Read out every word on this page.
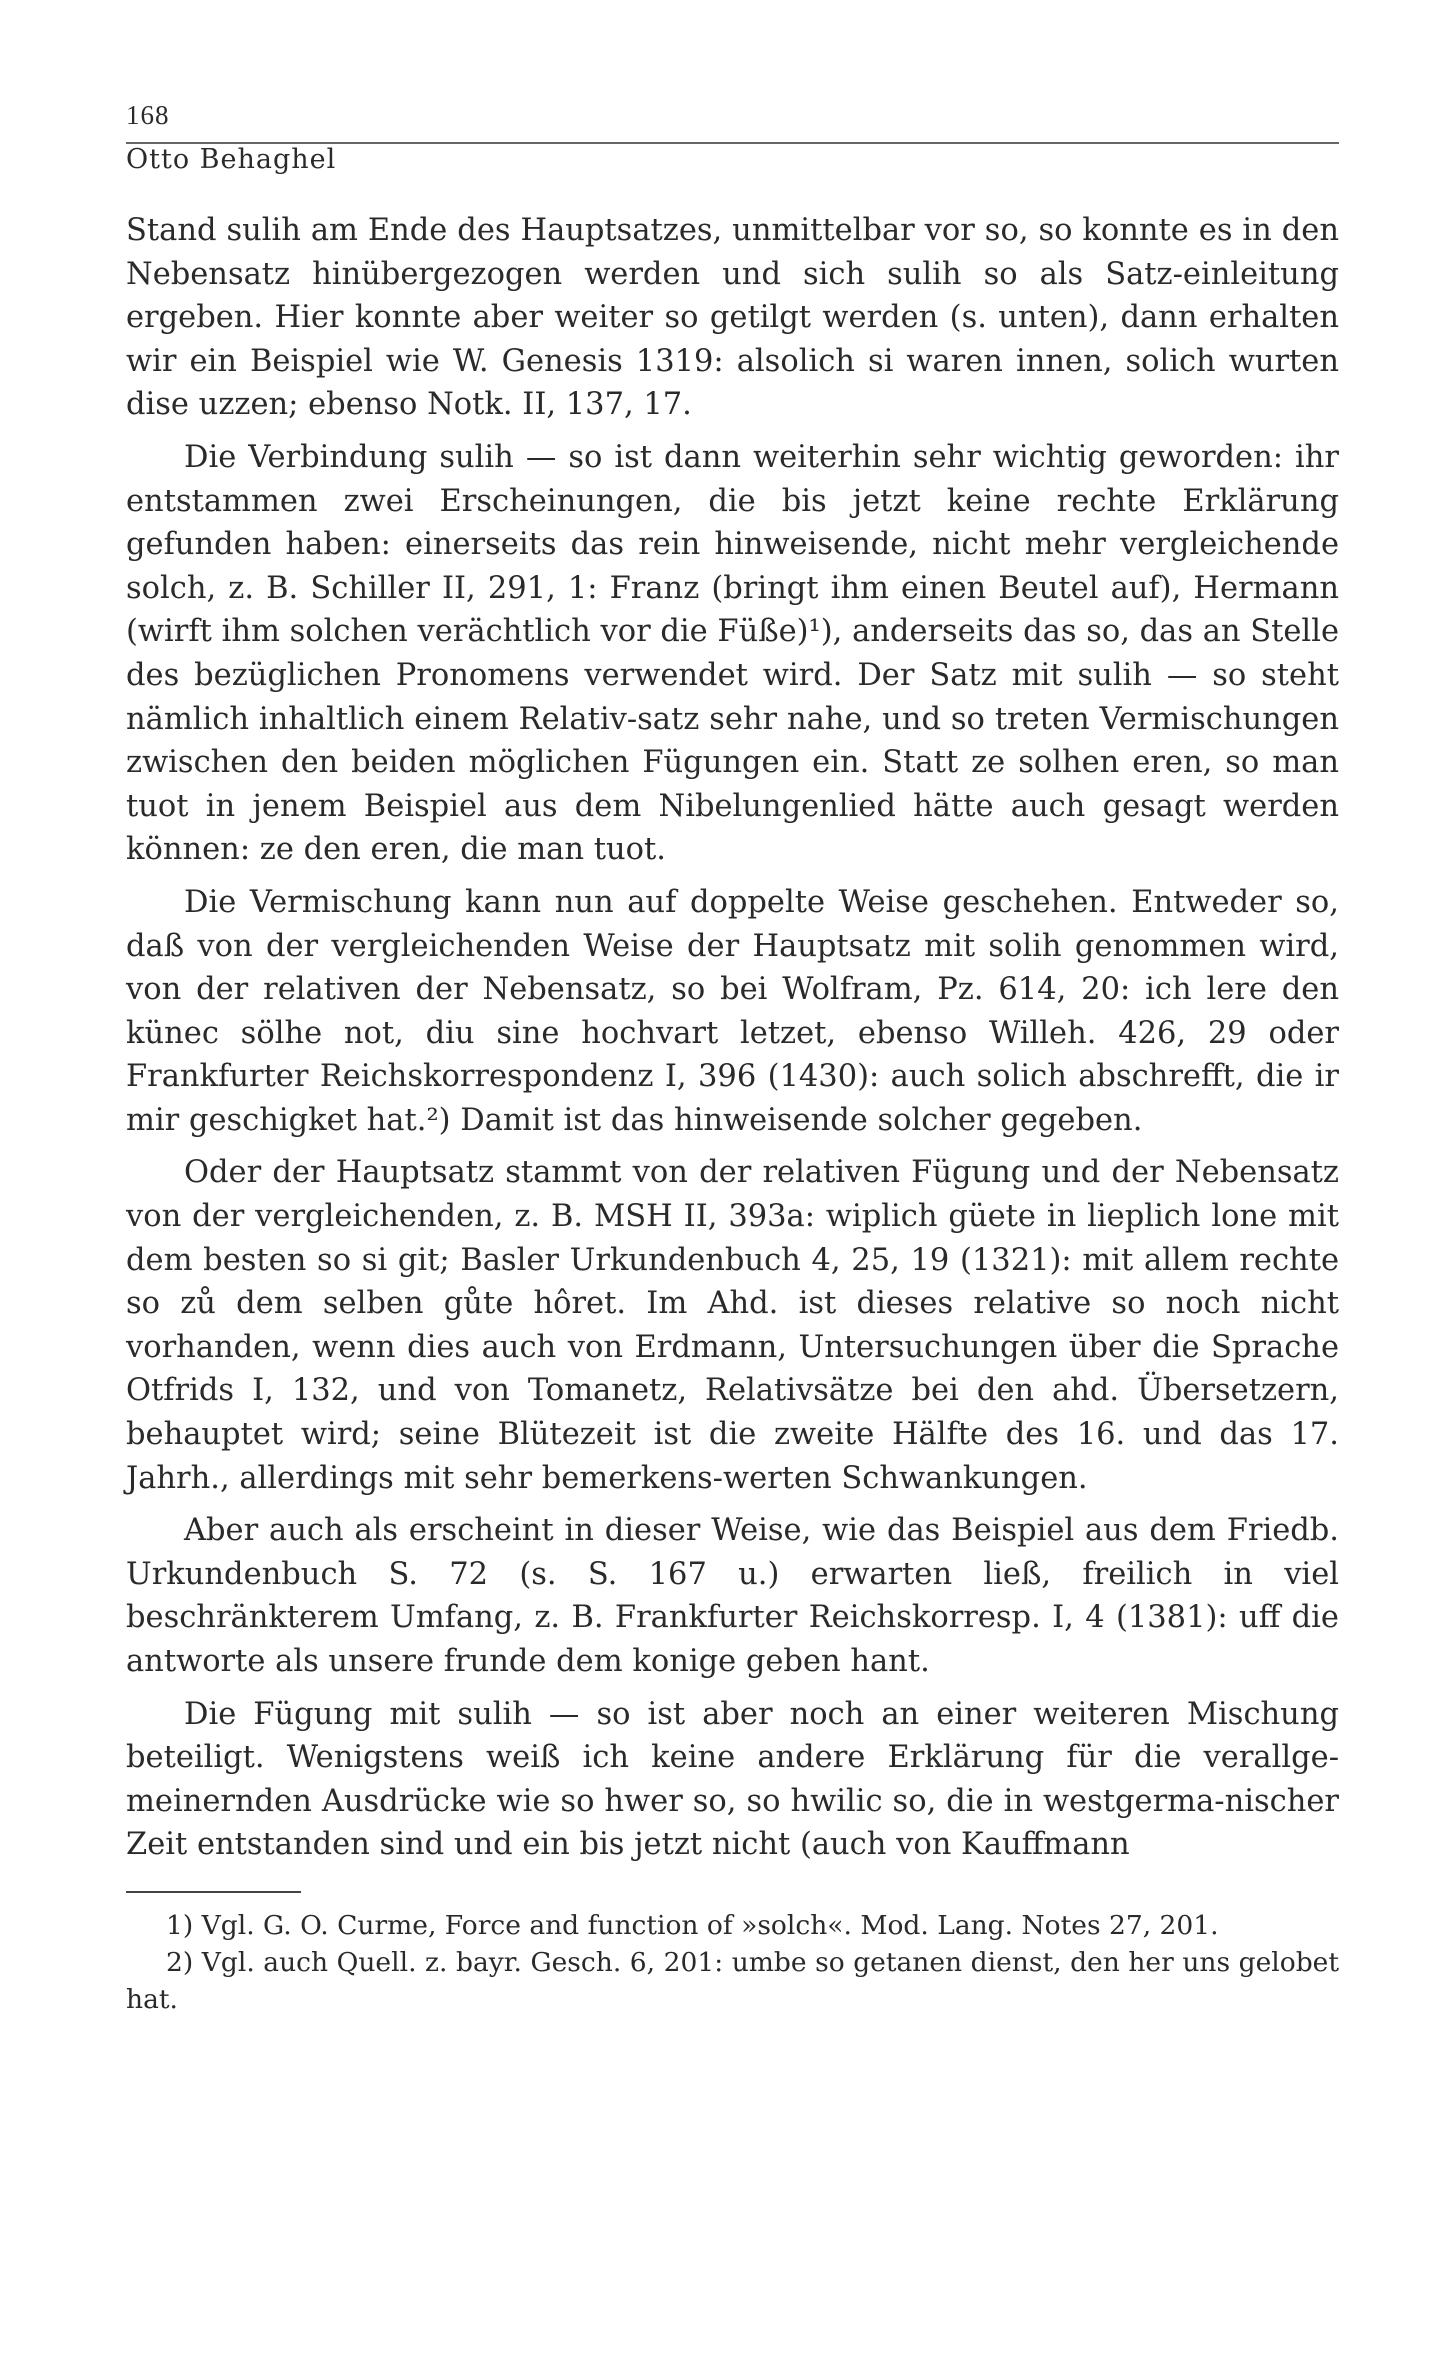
168
Otto Behaghel

Stand sulih am Ende des Hauptsatzes, unmittelbar vor so, so konnte es in den Nebensatz hinübergezogen werden und sich sulih so als Satz-einleitung ergeben. Hier konnte aber weiter so getilgt werden (s. unten), dann erhalten wir ein Beispiel wie W. Genesis 1319: alsolich si waren innen, solich wurten dise uzzen; ebenso Notk. II, 137, 17.

Die Verbindung sulih — so ist dann weiterhin sehr wichtig geworden: ihr entstammen zwei Erscheinungen, die bis jetzt keine rechte Erklärung gefunden haben: einerseits das rein hinweisende, nicht mehr vergleichende solch, z. B. Schiller II, 291, 1: Franz (bringt ihm einen Beutel auf), Hermann (wirft ihm solchen verächtlich vor die Füße)¹), anderseits das so, das an Stelle des bezüglichen Pronomens verwendet wird. Der Satz mit sulih — so steht nämlich inhaltlich einem Relativ-satz sehr nahe, und so treten Vermischungen zwischen den beiden möglichen Fügungen ein. Statt ze solhen eren, so man tuot in jenem Beispiel aus dem Nibelungenlied hätte auch gesagt werden können: ze den eren, die man tuot.

Die Vermischung kann nun auf doppelte Weise geschehen. Entweder so, daß von der vergleichenden Weise der Hauptsatz mit solih genommen wird, von der relativen der Nebensatz, so bei Wolfram, Pz. 614, 20: ich lere den künec sölhe not, diu sine hochvart letzet, ebenso Willeh. 426, 29 oder Frankfurter Reichskorrespondenz I, 396 (1430): auch solich abschrefft, die ir mir geschigket hat.²) Damit ist das hinweisende solcher gegeben.

Oder der Hauptsatz stammt von der relativen Fügung und der Nebensatz von der vergleichenden, z. B. MSH II, 393a: wiplich güete in lieplich lone mit dem besten so si git; Basler Urkundenbuch 4, 25, 19 (1321): mit allem rechte so zů dem selben gůte hôret. Im Ahd. ist dieses relative so noch nicht vorhanden, wenn dies auch von Erdmann, Untersuchungen über die Sprache Otfrids I, 132, und von Tomanetz, Relativsätze bei den ahd. Übersetzern, behauptet wird; seine Blütezeit ist die zweite Hälfte des 16. und das 17. Jahrh., allerdings mit sehr bemerkens-werten Schwankungen.

Aber auch als erscheint in dieser Weise, wie das Beispiel aus dem Friedb. Urkundenbuch S. 72 (s. S. 167 u.) erwarten ließ, freilich in viel beschränkterem Umfang, z. B. Frankfurter Reichskorresp. I, 4 (1381): uff die antworte als unsere frunde dem konige geben hant.

Die Fügung mit sulih — so ist aber noch an einer weiteren Mischung beteiligt. Wenigstens weiß ich keine andere Erklärung für die verallge-meinernden Ausdrücke wie so hwer so, so hwilic so, die in westgerma-nischer Zeit entstanden sind und ein bis jetzt nicht (auch von Kauffmann

1) Vgl. G. O. Curme, Force and function of »solch«. Mod. Lang. Notes 27, 201.

2) Vgl. auch Quell. z. bayr. Gesch. 6, 201: umbe so getanen dienst, den her uns gelobet hat.
